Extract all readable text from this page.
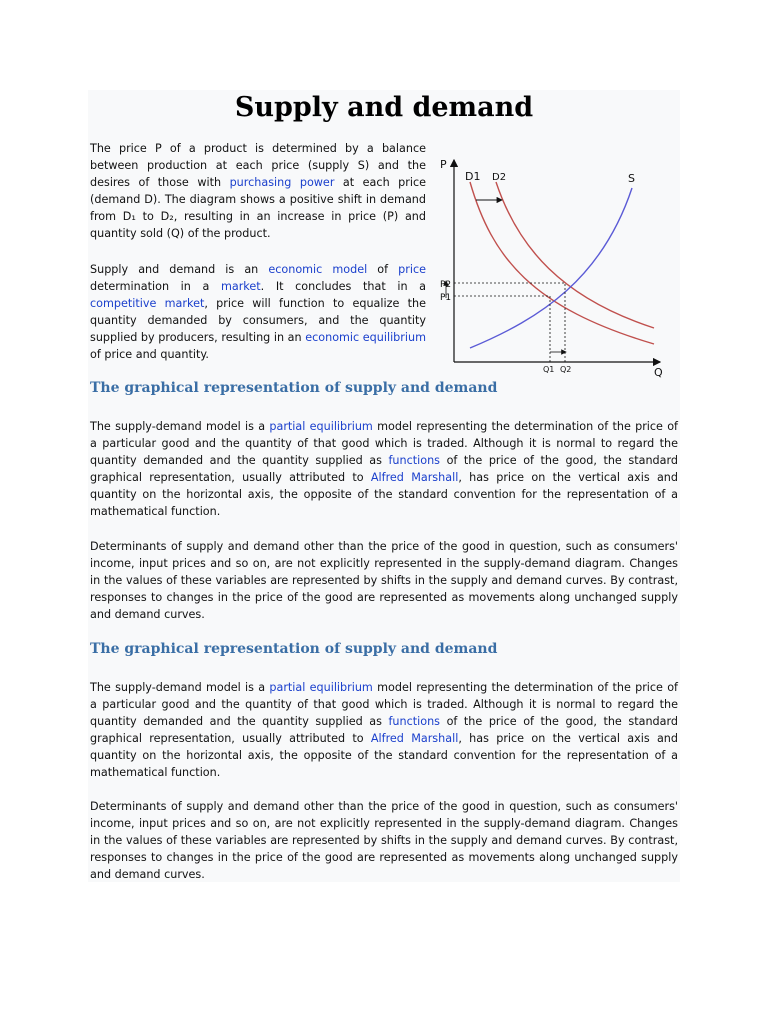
Supply and demand

The price P of a product is determined by a balance between production at each price (supply S) and the desires of those with purchasing power at each price (demand D). The diagram shows a positive shift in demand from D₁ to D₂, resulting in an increase in price (P) and quantity sold (Q) of the product.

Supply and demand is an economic model of price determination in a market. It concludes that in a competitive market, price will function to equalize the quantity demanded by consumers, and the quantity supplied by producers, resulting in an economic equilibrium of price and quantity.

P
Q
D1 D2	S
P2
P1
Q1 Q2
The graphical representation of supply and demand

The supply-demand model is a partial equilibrium model representing the determination of the price of a particular good and the quantity of that good which is traded. Although it is normal to regard the quantity demanded and the quantity supplied as functions of the price of the good, the standard graphical representation, usually attributed to Alfred Marshall, has price on the vertical axis and quantity on the horizontal axis, the opposite of the standard convention for the representation of a mathematical function.

Determinants of supply and demand other than the price of the good in question, such as consumers' income, input prices and so on, are not explicitly represented in the supply-demand diagram. Changes in the values of these variables are represented by shifts in the supply and demand curves. By contrast, responses to changes in the price of the good are represented as movements along unchanged supply and demand curves.

The graphical representation of supply and demand

The supply-demand model is a partial equilibrium model representing the determination of the price of a particular good and the quantity of that good which is traded. Although it is normal to regard the quantity demanded and the quantity supplied as functions of the price of the good, the standard graphical representation, usually attributed to Alfred Marshall, has price on the vertical axis and quantity on the horizontal axis, the opposite of the standard convention for the representation of a mathematical function.

Determinants of supply and demand other than the price of the good in question, such as consumers' income, input prices and so on, are not explicitly represented in the supply-demand diagram. Changes in the values of these variables are represented by shifts in the supply and demand curves. By contrast, responses to changes in the price of the good are represented as movements along unchanged supply and demand curves.
